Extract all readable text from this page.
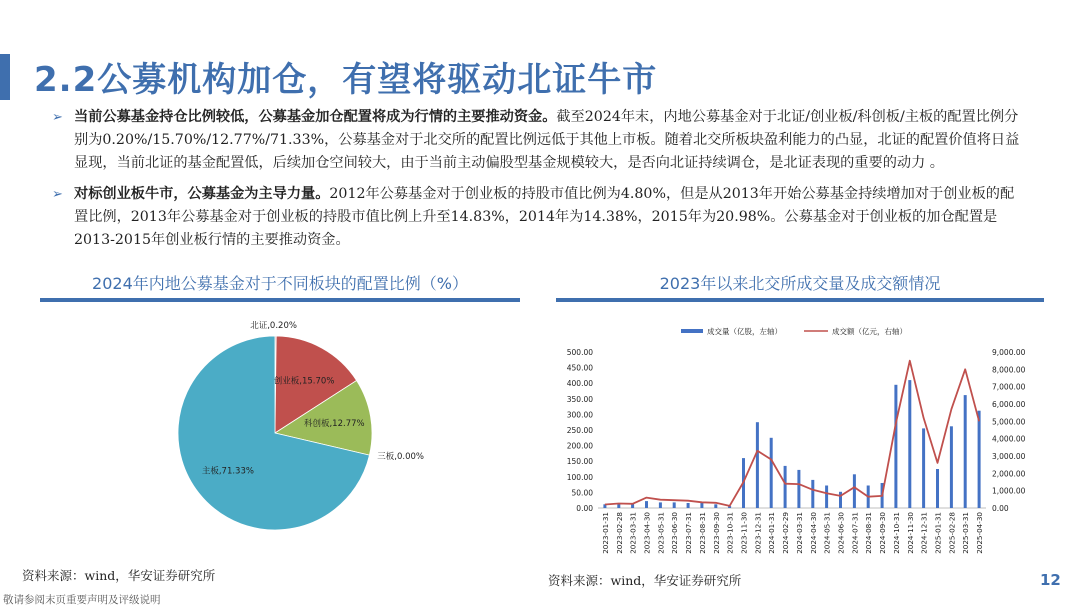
2.2公募机构加仓，有望将驱动北证牛市
➢ 当前公募基金持仓比例较低，公募基金加仓配置将成为行情的主要推动资金。截至2024年末，内地公募基金对于北证/创业板/科创板/主板的配置比例分别为0.20%/15.70%/12.77%/71.33%，公募基金对于北交所的配置比例远低于其他上市板。随着北交所板块盈利能力的凸显，北证的配置价值将日益显现，当前北证的基金配置低，后续加仓空间较大，由于当前主动偏股型基金规模较大，是否向北证持续调仓，是北证表现的重要的动力 。
➢ 对标创业板牛市，公募基金为主导力量。2012年公募基金对于创业板的持股市值比例为4.80%，但是从2013年开始公募基金持续增加对于创业板的配置比例，2013年公募基金对于创业板的持股市值比例上升至14.83%，2014年为14.38%，2015年为20.98%。公募基金对于创业板的加仓配置是2013-2015年创业板行情的主要推动资金。
2024年内地公募基金对于不同板块的配置比例（%）	2023年以来北交所成交量及成交额情况
北证,0.20%
创业板,15.70%
科创板,12.77%
三板,0.00%
主板,71.33%
成交量（亿股，左轴）	成交额（亿元，右轴）
0.00
50.00
100.00
150.00
200.00
250.00
300.00
350.00
400.00
450.00
500.00
0.00
1,000.00
2,000.00
3,000.00
4,000.00
5,000.00
6,000.00
7,000.00
8,000.00
9,000.00
2023-01-31 2023-02-28 2023-03-31 2023-04-30 2023-05-31 2023-06-30 2023-07-31 2023-08-31 2023-09-30 2023-10-31 2023-11-30 2023-12-31 2024-01-31 2024-02-29 2024-03-31 2024-04-30 2024-05-31 2024-06-30 2024-07-31 2024-08-31 2024-09-30 2024-10-31 2024-11-30 2024-12-31 2025-01-31 2025-02-28 2025-03-31 2025-04-30
资料来源：wind，华安证券研究所	资料来源：wind，华安证券研究所	12
敬请参阅末页重要声明及评级说明
